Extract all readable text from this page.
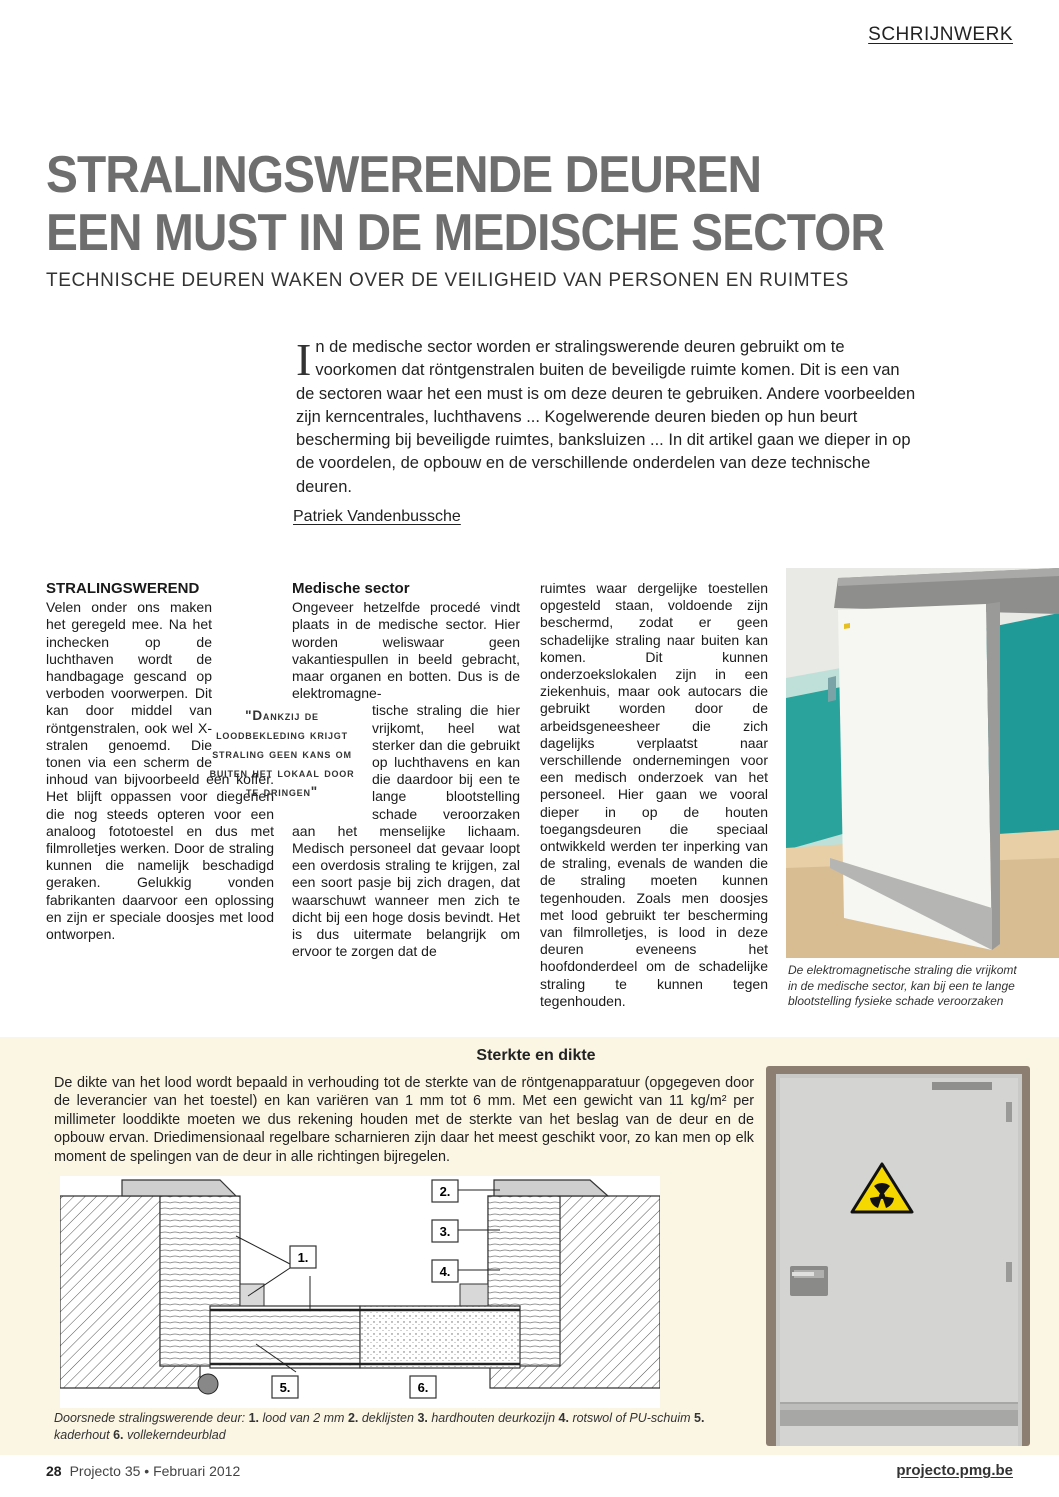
SCHRIJNWERK
STRALINGSWERENDE DEUREN
EEN MUST IN DE MEDISCHE SECTOR
TECHNISCHE DEUREN WAKEN OVER DE VEILIGHEID VAN PERSONEN EN RUIMTES
In de medische sector worden er stralingswerende deuren gebruikt om te voorkomen dat röntgenstralen buiten de beveiligde ruimte komen. Dit is een van de sectoren waar het een must is om deze deuren te gebruiken. Andere voorbeelden zijn kerncentrales, luchthavens ... Kogelwerende deuren bieden op hun beurt bescherming bij beveiligde ruimtes, banksluizen ... In dit artikel gaan we dieper in op de voordelen, de opbouw en de verschillende onderdelen van deze technische deuren.
Patriek Vandenbussche
STRALINGSWEREND

Velen onder ons maken het geregeld mee. Na het inchecken op de luchthaven wordt de handbagage gescand op verboden voorwerpen. Dit kan door middel van röntgenstralen, ook wel X-stralen genoemd. Die tonen via een scherm de inhoud van bijvoorbeeld een koffer. Het blijft oppassen voor diegenen die nog steeds opteren voor een analoog fototoestel en dus met filmrolletjes werken. Door de straling kunnen die namelijk beschadigd geraken. Gelukkig vonden fabrikanten daarvoor een oplossing en zijn er speciale doosjes met lood ontworpen.

Medische sector

Ongeveer hetzelfde procedé vindt plaats in de medische sector. Hier worden weliswaar geen vakantiespullen in beeld gebracht, maar organen en botten. Dus is de elektromagne-

"Dankzij de loodbekleding krijgt straling geen kans om buiten het lokaal door te dringen"

tische straling die hier vrijkomt, heel wat sterker dan die gebruikt op luchthavens en kan die daardoor bij een te lange blootstelling schade veroorzaken aan het menselijke lichaam. Medisch personeel dat gevaar loopt een overdosis straling te krijgen, zal een soort pasje bij zich dragen, dat waarschuwt wanneer men zich te dicht bij een hoge dosis bevindt. Het is dus uitermate belangrijk om ervoor te zorgen dat de

ruimtes waar dergelijke toestellen opgesteld staan, voldoende zijn beschermd, zodat er geen schadelijke straling naar buiten kan komen. Dit kunnen onderzoekslokalen zijn in een ziekenhuis, maar ook autocars die gebruikt worden door de arbeidsgeneesheer die zich dagelijks verplaatst naar verschillende ondernemingen voor een medisch onderzoek van het personeel. Hier gaan we vooral dieper in op de houten toegangsdeuren die speciaal ontwikkeld werden ter inperking van de straling, evenals de wanden die de straling moeten kunnen tegenhouden. Zoals men doosjes met lood gebruikt ter bescherming van filmrolletjes, is lood in deze deuren eveneens het hoofdonderdeel om de schadelijke straling te kunnen tegen tegenhouden.

De elektromagnetische straling die vrijkomt in de medische sector, kan bij een te lange blootstelling fysieke schade veroorzaken
Sterkte en dikte
De dikte van het lood wordt bepaald in verhouding tot de sterkte van de röntgenapparatuur (opgegeven door de leverancier van het toestel) en kan variëren van 1 mm tot 6 mm. Met een gewicht van 11 kg/m² per millimeter looddikte moeten we dus rekening houden met de sterkte van het beslag van de deur en de opbouw ervan. Driedimensionaal regelbare scharnieren zijn daar het meest geschikt voor, zo kan men op elk moment de spelingen van de deur in alle richtingen bijregelen.
1.
2.
3.
4.
5.	6.
Doorsnede stralingswerende deur: 1. lood van 2 mm 2. deklijsten 3. hardhouten deurkozijn 4. rotswol of PU-schuim 5. kaderhout 6. vollekerndeurblad
28 Projecto 35 • Februari 2012	projecto.pmg.be
